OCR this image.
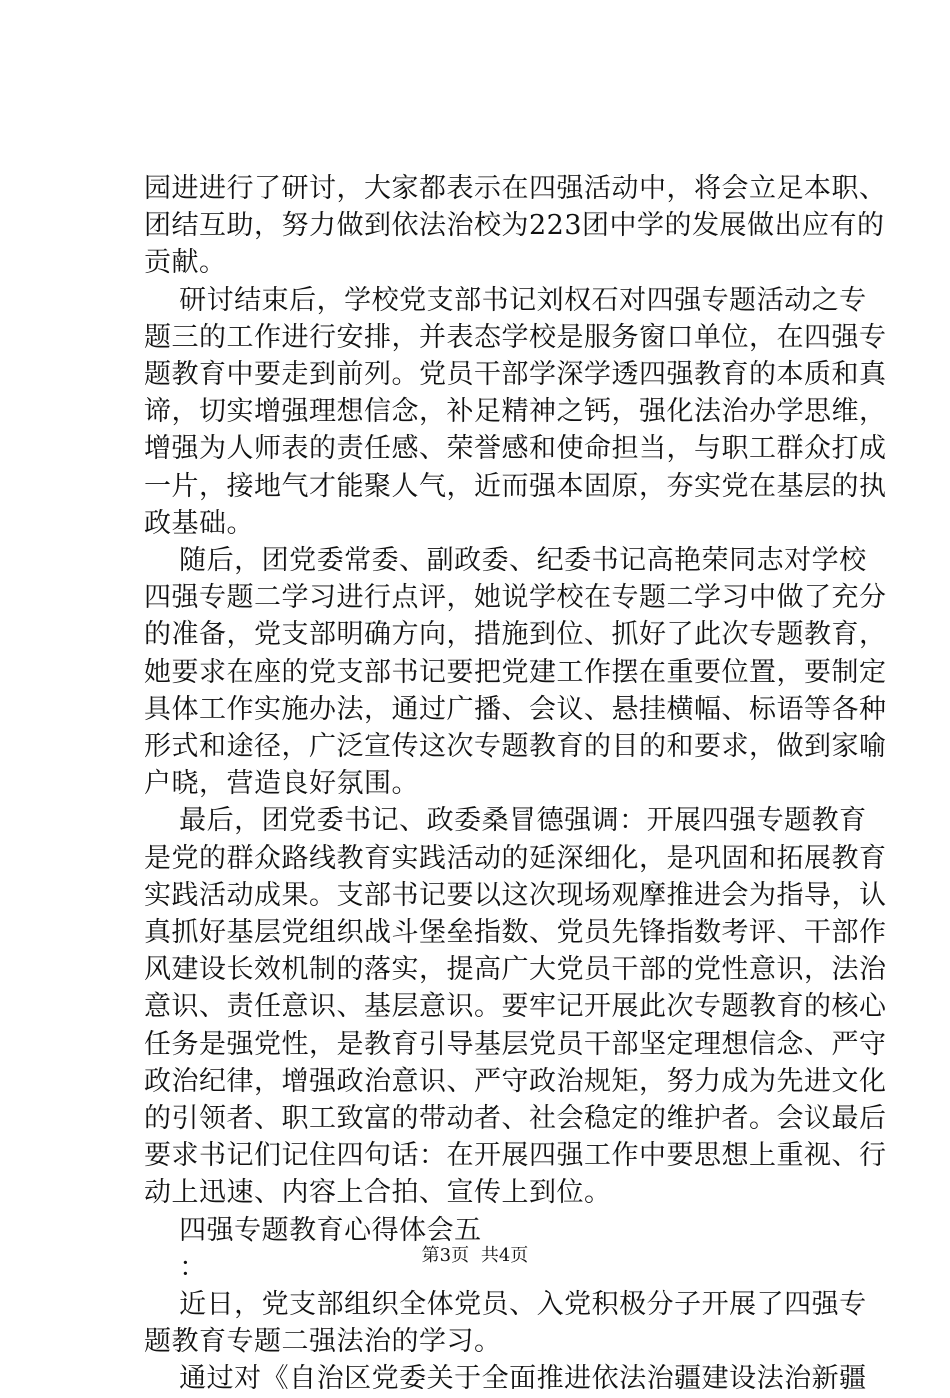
园进进行了研讨，大家都表示在四强活动中，将会立足本职、
团结互助，努力做到依法治校为223团中学的发展做出应有的
贡献。

研讨结束后，学校党支部书记刘权石对四强专题活动之专
题三的工作进行安排，并表态学校是服务窗口单位，在四强专
题教育中要走到前列。党员干部学深学透四强教育的本质和真
谛，切实增强理想信念，补足精神之钙，强化法治办学思维，
增强为人师表的责任感、荣誉感和使命担当，与职工群众打成
一片，接地气才能聚人气，近而强本固原，夯实党在基层的执
政基础。

随后，团党委常委、副政委、纪委书记高艳荣同志对学校
四强专题二学习进行点评，她说学校在专题二学习中做了充分
的准备，党支部明确方向，措施到位、抓好了此次专题教育，
她要求在座的党支部书记要把党建工作摆在重要位置，要制定
具体工作实施办法，通过广播、会议、悬挂横幅、标语等各种
形式和途径，广泛宣传这次专题教育的目的和要求，做到家喻
户晓，营造良好氛围。

最后，团党委书记、政委桑冒德强调：开展四强专题教育
是党的群众路线教育实践活动的延深细化，是巩固和拓展教育
实践活动成果。支部书记要以这次现场观摩推进会为指导，认
真抓好基层党组织战斗堡垒指数、党员先锋指数考评、干部作
风建设长效机制的落实，提高广大党员干部的党性意识，法治
意识、责任意识、基层意识。要牢记开展此次专题教育的核心
任务是强党性，是教育引导基层党员干部坚定理想信念、严守
政治纪律，增强政治意识、严守政治规矩，努力成为先进文化
的引领者、职工致富的带动者、社会稳定的维护者。会议最后
要求书记们记住四句话：在开展四强工作中要思想上重视、行
动上迅速、内容上合拍、宣传上到位。

四强专题教育心得体会五
：

近日，党支部组织全体党员、入党积极分子开展了四强专
题教育专题二强法治的学习。

通过对《自治区党委关于全面推进依法治疆建设法治新疆

第3页 共4页
